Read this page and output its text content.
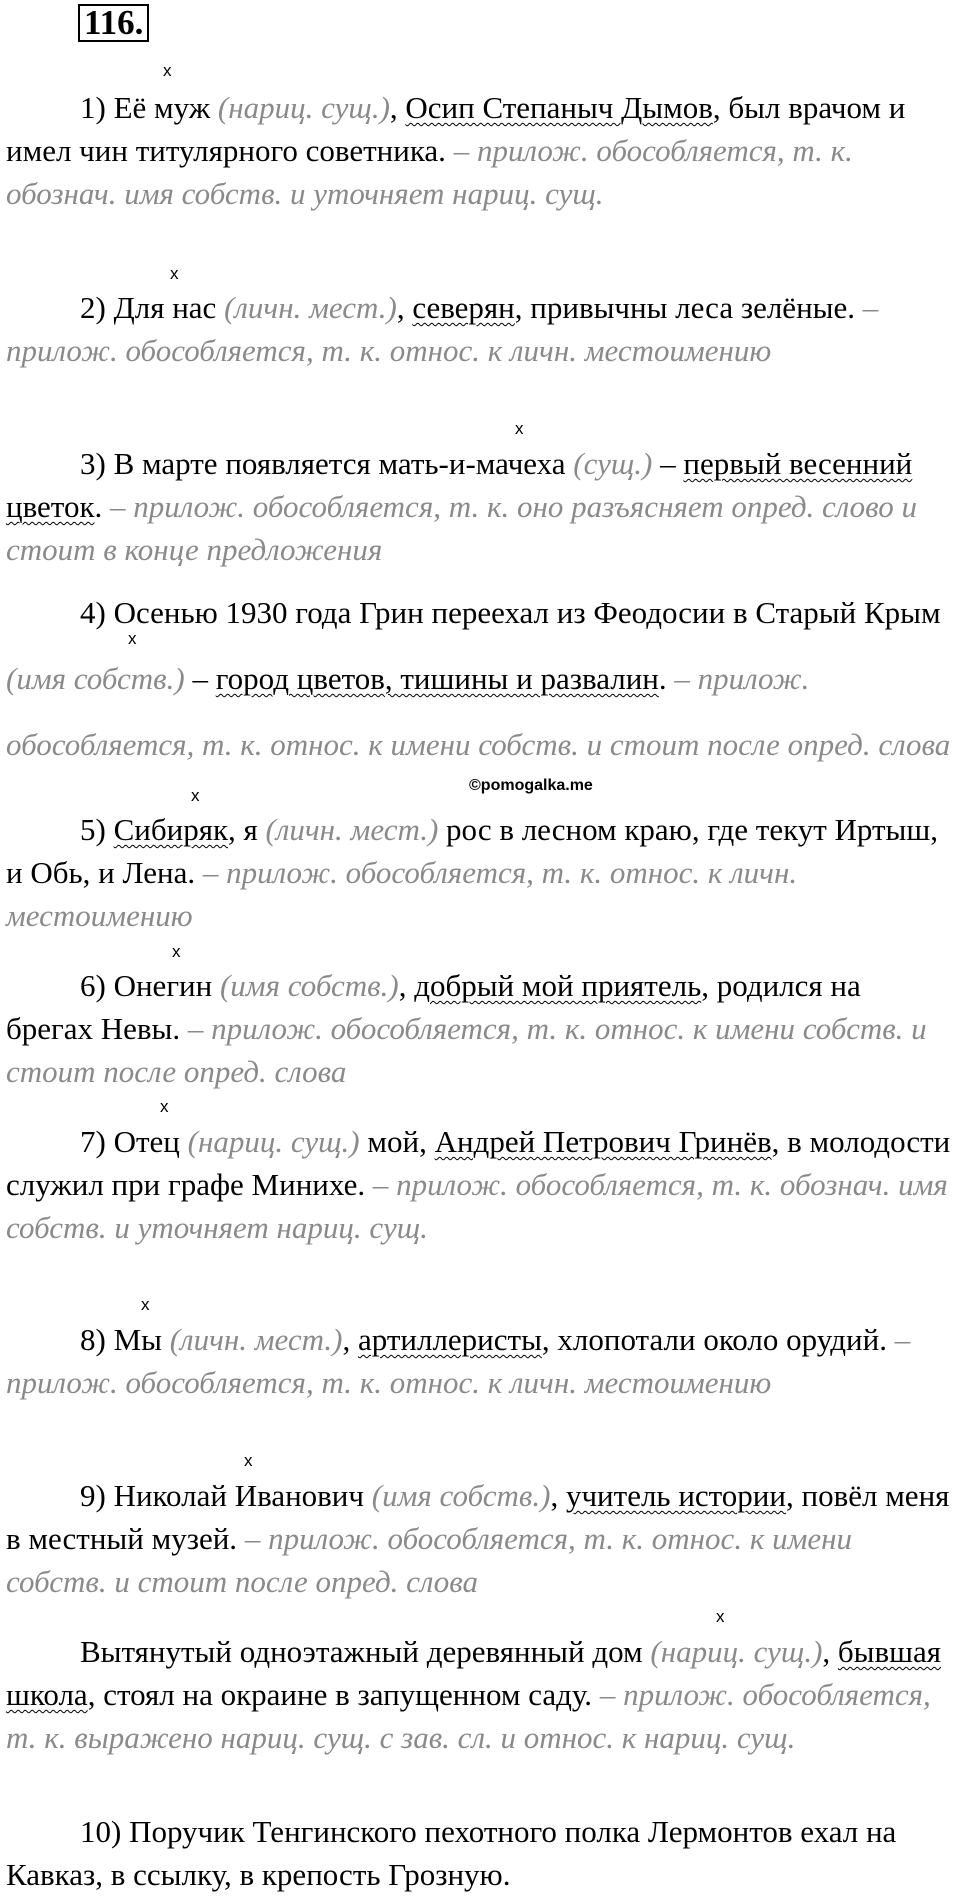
116.
x

1) Её муж (нариц. сущ.), Осип Степаныч Дымов, был врачом и имел чин титулярного советника. – прилож. обособляется, т. к. обознач. имя собств. и уточняет нариц. сущ.

x

2) Для нас (личн. мест.), северян, привычны леса зелёные. – прилож. обособляется, т. к. относ. к личн. местоимению

x

3) В марте появляется мать-и-мачеха (сущ.) – первый весенний цветок. – прилож. обособляется, т. к. оно разъясняет опред. слово и стоит в конце предложения

x

4) Осенью 1930 года Грин переехал из Феодосии в Старый Крым (имя собств.) – город цветов, тишины и развалин. – прилож. обособляется, т. к. относ. к имени собств. и стоит после опред. слова

©pomogalka.me
x

5) Сибиряк, я (личн. мест.) рос в лесном краю, где текут Иртыш, и Обь, и Лена. – прилож. обособляется, т. к. относ. к личн. местоимению

x

6) Онегин (имя собств.), добрый мой приятель, родился на брегах Невы. – прилож. обособляется, т. к. относ. к имени собств. и стоит после опред. слова

x

7) Отец (нариц. сущ.) мой, Андрей Петрович Гринёв, в молодости служил при графе Минихе. – прилож. обособляется, т. к. обознач. имя собств. и уточняет нариц. сущ.

x

8) Мы (личн. мест.), артиллеристы, хлопотали около орудий. – прилож. обособляется, т. к. относ. к личн. местоимению

x

9) Николай Иванович (имя собств.), учитель истории, повёл меня в местный музей. – прилож. обособляется, т. к. относ. к имени собств. и стоит после опред. слова

x

Вытянутый одноэтажный деревянный дом (нариц. сущ.), бывшая школа, стоял на окраине в запущенном саду. – прилож. обособляется, т. к. выражено нариц. сущ. с зав. сл. и относ. к нариц. сущ.

10) Поручик Тенгинского пехотного полка Лермонтов ехал на Кавказ, в ссылку, в крепость Грозную.
